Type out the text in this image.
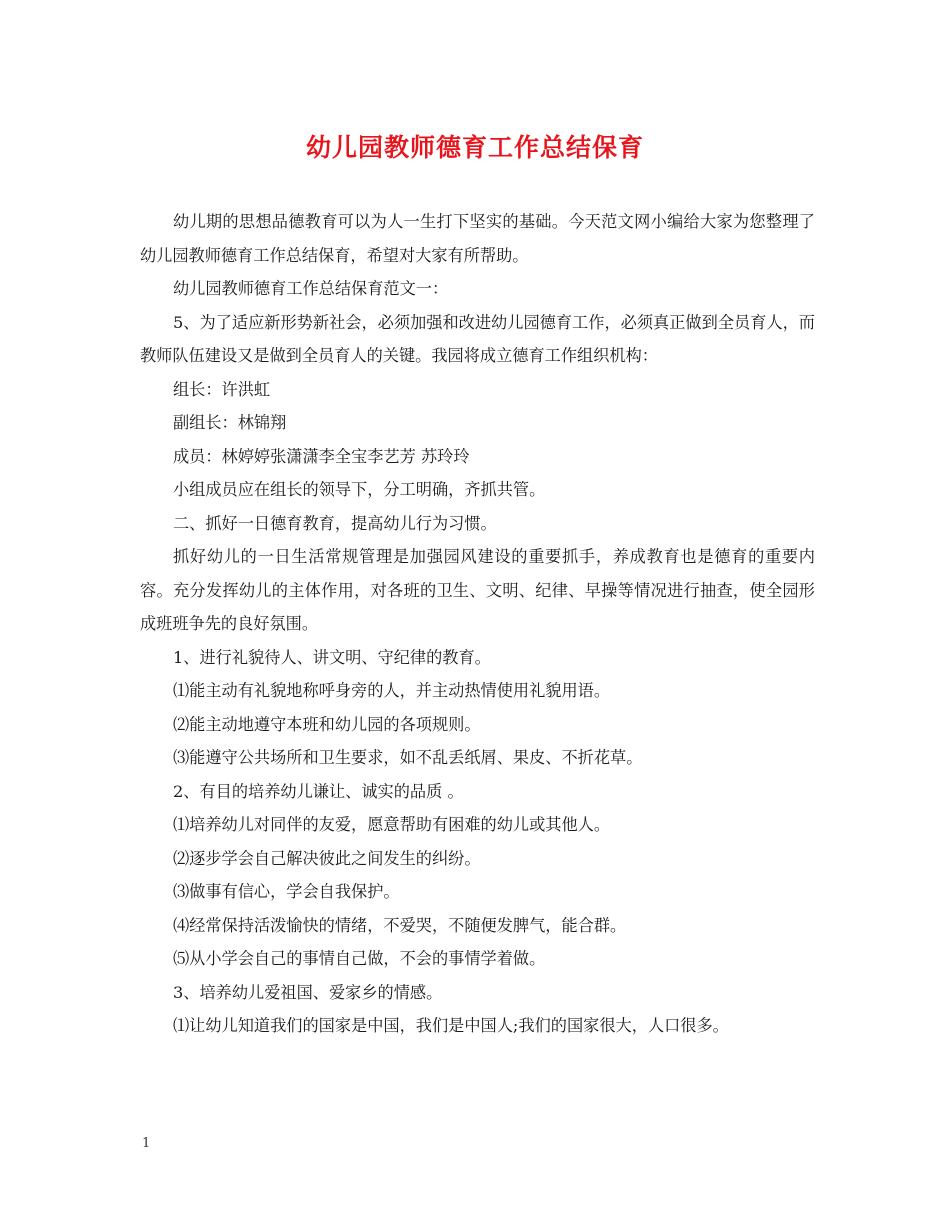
幼儿园教师德育工作总结保育

幼儿期的思想品德教育可以为人一生打下坚实的基础。今天范文网小编给大家为您整理了幼儿园教师德育工作总结保育，希望对大家有所帮助。

幼儿园教师德育工作总结保育范文一：

5、为了适应新形势新社会，必须加强和改进幼儿园德育工作，必须真正做到全员育人，而教师队伍建设又是做到全员育人的关键。我园将成立德育工作组织机构：

组长：许洪虹

副组长：林锦翔

成员：林婷婷张潇潇李全宝李艺芳 苏玲玲

小组成员应在组长的领导下，分工明确，齐抓共管。

二、抓好一日德育教育，提高幼儿行为习惯。

抓好幼儿的一日生活常规管理是加强园风建设的重要抓手，养成教育也是德育的重要内容。充分发挥幼儿的主体作用，对各班的卫生、文明、纪律、早操等情况进行抽查，使全园形成班班争先的良好氛围。

1、进行礼貌待人、讲文明、守纪律的教育。

⑴能主动有礼貌地称呼身旁的人，并主动热情使用礼貌用语。

⑵能主动地遵守本班和幼儿园的各项规则。

⑶能遵守公共场所和卫生要求，如不乱丢纸屑、果皮、不折花草。

2、有目的培养幼儿谦让、诚实的品质 。

⑴培养幼儿对同伴的友爱，愿意帮助有困难的幼儿或其他人。

⑵逐步学会自己解决彼此之间发生的纠纷。

⑶做事有信心，学会自我保护。

⑷经常保持活泼愉快的情绪，不爱哭，不随便发脾气，能合群。

⑸从小学会自己的事情自己做，不会的事情学着做。

3、培养幼儿爱祖国、爱家乡的情感。

⑴让幼儿知道我们的国家是中国，我们是中国人;我们的国家很大，人口很多。

1
